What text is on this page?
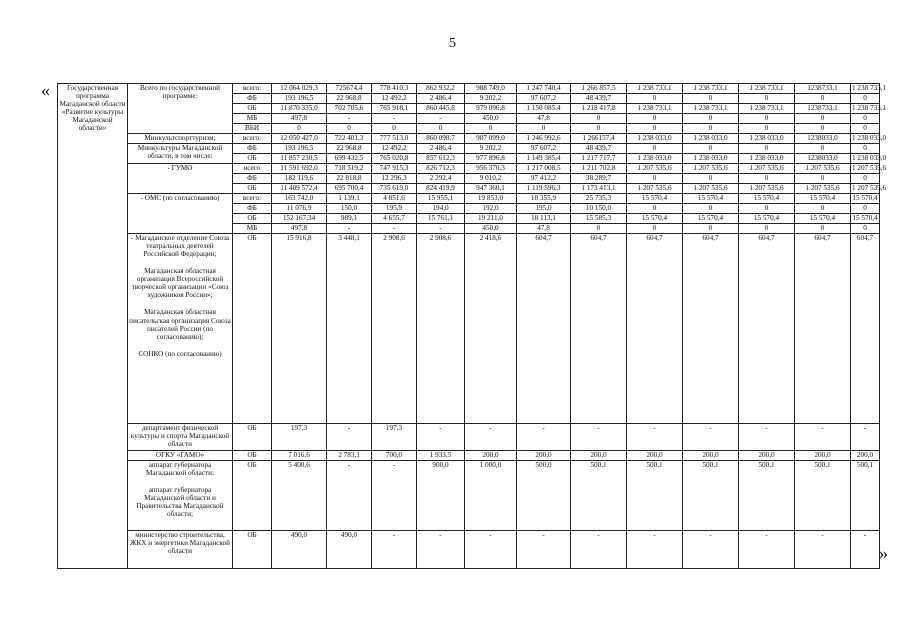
5
«
»
Государственная программа Магаданской области «Развитие культуры Магаданской области»	Всего по государственной программе:	всего:	12 064 029,3	725674,4	778 410,3	862 932,2	988 749,0	1 247 740,4	1 266 857,5	1 238 733,1	1 238 733,1	1 238 733,1	1238733,1	1 238 733,1
		ФБ	193 196,5	22 968,8	12 492,2	2 486,4	9 202,2	97 607,2	48 439,7	0	0	0	0	0
		ОБ	11 870 335,0	702 705,6	765 918,1	860 445,8	979 096,8	1 150 085,4	1 218 417,8	1 238 733,1	1 238 733,1	1 238 733,1	1238733,1	1 238 733,1
		МБ	497,8	-	-	-	450,0	47,8	0	0	0	0	0	0
		ВБИ	0	0	0	0	0	0	0	0	0	0	0	0
	Минкультспорттуризм;	всего:	12 050 427,0	722 401,3	777 513,0	860 098,7	987 099,0	1 246 992,6	1 266157,4	1 238 033,0	1 238 033,0	1 238 033,0	1238033,0	1 238 033,0
	Минкультуры Магаданской области, в том числе:	ФБ	193 196,5	22 968,8	12 492,2	2 486,4	9 202,2	97 607,2	48 439,7	0	0	0	0	0
		ОБ	11 857 230,5	699 432,5	765 020,8	857 612,3	977 896,8	1 149 385,4	1 217 717,7	1 238 033,0	1 238 033,0	1 238 033,0	1238033,0	1 238 033,0
	- ГУМО	всего	11 591 692,0	718 519,2	747 915,3	826 712,3	956 370,3	1 217 008,5	1 211 702,8	1 207 535,6	1 207 535,6	1 207 535,6	1 207 535,6	1 207 535,6
		ФБ	182 119,6	22 818,8	12 296,3	2 292,4	9 010,2	97 412,2	38 289,7	0	0	0	0	0
		ОБ	11 409 572,4	695 700,4	735 619,0	824 419,9	947 360,1	1 119 596,3	1 173 413,1	1 207 535,6	1 207 535,6	1 207 535,6	1 207 535,6	1 207 535,6
	- ОМС (по согласованию)	всего:	163 742,0	1 139,1	4 851,6	15 955,1	19 853,0	18 355,9	25 735,3	15 570,4	15 570,4	15 570,4	15 570,4	15 570,4
		ФБ	11 076,9	150,0	195,9	194,0	192,0	195,0	10 150,0	0	0	0	0	0
		ОБ	152 167,34	989,1	4 655,7	15 761,1	19 211,0	18 113,1	15 585,3	15 570,4	15 570,4	15 570,4	15 570,4	15 570,4
		МБ	497,8	-	-	-	450,0	47,8	0	0	0	0	0	0
	- Магаданское отделение Союза театральных деятелей Российской Федерации;
Магаданская областная организация Всероссийской творческой организации «Союз художников России»;
Магаданская областная писательская организация Союза писателей России (по согласованию);
СОНКО (по согласованию)	ОБ	15 916,8	3 448,1	2 908,6	2 908,6	2 418,6	604,7	604,7	604,7	604,7	604,7	604,7	604,7
	департамент физической культуры и спорта Магаданской области	ОБ	197,3	-	197,3	-	-	-	-	-	-	-	-	-
	ОГКУ «ГАМО»	ОБ	7 016,6	2 783,1	700,0	1 933,5	200,0	200,0	200,0	200,0	200,0	200,0	200,0	200,0
	аппарат губернатора Магаданской области;
аппарат губернатора Магаданской области и Правительства Магаданской области;	ОБ	5 400,6	-	-	900,0	1 000,0	500,0	500,1	500,1	500,1	500,1	500,1	500,1
	министерство строительства, ЖКХ и энергетики Магаданской области	ОБ	490,0	490,0	-	-	-	-	-	-	-	-	-	-
